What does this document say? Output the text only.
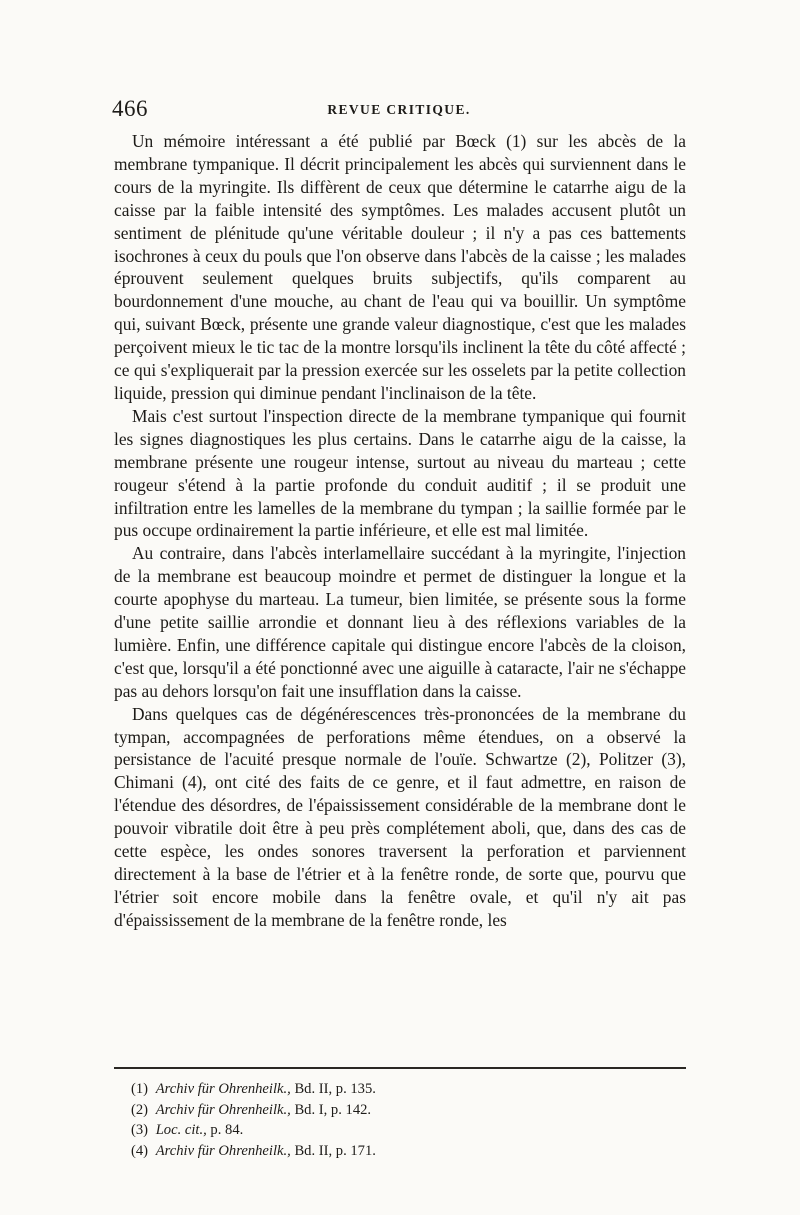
466	REVUE CRITIQUE.

Un mémoire intéressant a été publié par Bœck (1) sur les abcès de la membrane tympanique. Il décrit principalement les abcès qui surviennent dans le cours de la myringite. Ils diffèrent de ceux que détermine le catarrhe aigu de la caisse par la faible intensité des symptômes. Les malades accusent plutôt un sentiment de plénitude qu'une véritable douleur ; il n'y a pas ces battements isochrones à ceux du pouls que l'on observe dans l'abcès de la caisse ; les malades éprouvent seulement quelques bruits subjectifs, qu'ils comparent au bourdonnement d'une mouche, au chant de l'eau qui va bouillir. Un symptôme qui, suivant Bœck, présente une grande valeur diagnostique, c'est que les malades perçoivent mieux le tic tac de la montre lorsqu'ils inclinent la tête du côté affecté ; ce qui s'expliquerait par la pression exercée sur les osselets par la petite collection liquide, pression qui diminue pendant l'inclinaison de la tête.

Mais c'est surtout l'inspection directe de la membrane tympanique qui fournit les signes diagnostiques les plus certains. Dans le catarrhe aigu de la caisse, la membrane présente une rougeur intense, surtout au niveau du marteau ; cette rougeur s'étend à la partie profonde du conduit auditif ; il se produit une infiltration entre les lamelles de la membrane du tympan ; la saillie formée par le pus occupe ordinairement la partie inférieure, et elle est mal limitée.

Au contraire, dans l'abcès interlamellaire succédant à la myringite, l'injection de la membrane est beaucoup moindre et permet de distinguer la longue et la courte apophyse du marteau. La tumeur, bien limitée, se présente sous la forme d'une petite saillie arrondie et donnant lieu à des réflexions variables de la lumière. Enfin, une différence capitale qui distingue encore l'abcès de la cloison, c'est que, lorsqu'il a été ponctionné avec une aiguille à cataracte, l'air ne s'échappe pas au dehors lorsqu'on fait une insufflation dans la caisse.

Dans quelques cas de dégénérescences très-prononcées de la membrane du tympan, accompagnées de perforations même étendues, on a observé la persistance de l'acuité presque normale de l'ouïe. Schwartze (2), Politzer (3), Chimani (4), ont cité des faits de ce genre, et il faut admettre, en raison de l'étendue des désordres, de l'épaississement considérable de la membrane dont le pouvoir vibratile doit être à peu près complétement aboli, que, dans des cas de cette espèce, les ondes sonores traversent la perforation et parviennent directement à la base de l'étrier et à la fenêtre ronde, de sorte que, pourvu que l'étrier soit encore mobile dans la fenêtre ovale, et qu'il n'y ait pas d'épaississement de la membrane de la fenêtre ronde, les

(1) Archiv für Ohrenheilk., Bd. II, p. 135.

(2) Archiv für Ohrenheilk., Bd. I, p. 142.

(3) Loc. cit., p. 84.

(4) Archiv für Ohrenheilk., Bd. II, p. 171.
